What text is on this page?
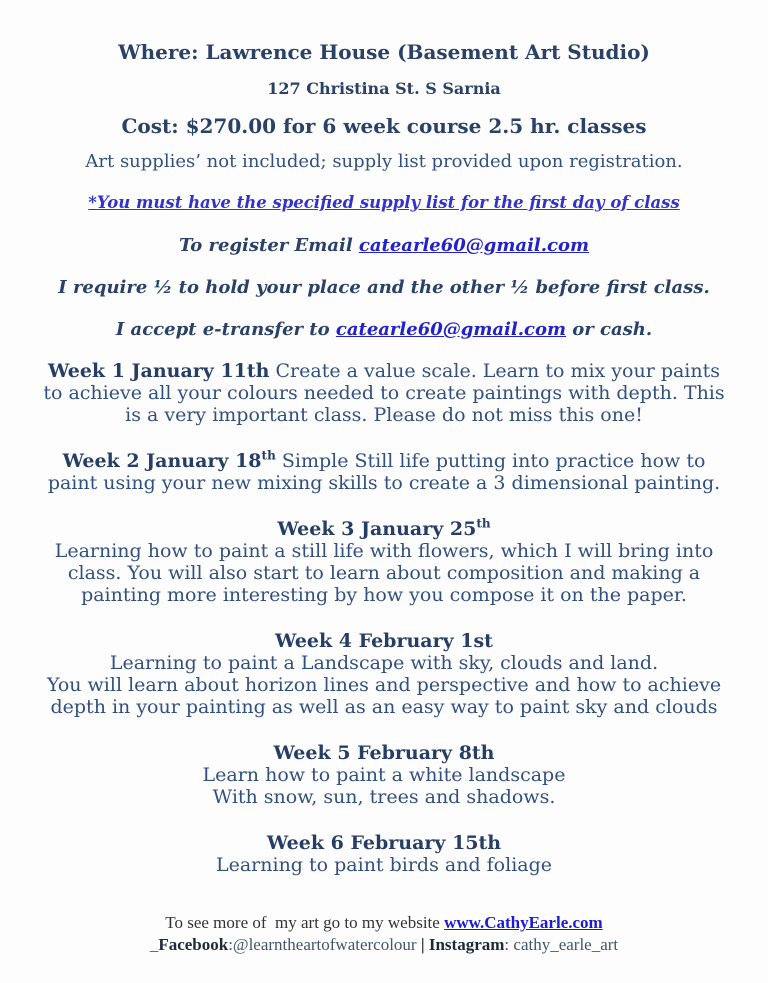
Where: Lawrence House (Basement Art Studio)
127 Christina St. S Sarnia
Cost: $270.00 for 6 week course 2.5 hr. classes
Art supplies’ not included; supply list provided upon registration.
*You must have the specified supply list for the first day of class
To register Email catearle60@gmail.com
I require ½ to hold your place and the other ½ before first class.
I accept e-transfer to catearle60@gmail.com or cash.
Week 1 January 11th Create a value scale. Learn to mix your paints
to achieve all your colours needed to create paintings with depth. This
is a very important class. Please do not miss this one!
Week 2 January 18th Simple Still life putting into practice how to
paint using your new mixing skills to create a 3 dimensional painting.
Week 3 January 25th
Learning how to paint a still life with flowers, which I will bring into
class. You will also start to learn about composition and making a
painting more interesting by how you compose it on the paper.
Week 4 February 1st
Learning to paint a Landscape with sky, clouds and land.
You will learn about horizon lines and perspective and how to achieve
depth in your painting as well as an easy way to paint sky and clouds
Week 5 February 8th
Learn how to paint a white landscape
With snow, sun, trees and shadows.
Week 6 February 15th
Learning to paint birds and foliage
To see more of  my art go to my website www.CathyEarle.com
_Facebook:@learntheartofwatercolour | Instagram: cathy_earle_art
